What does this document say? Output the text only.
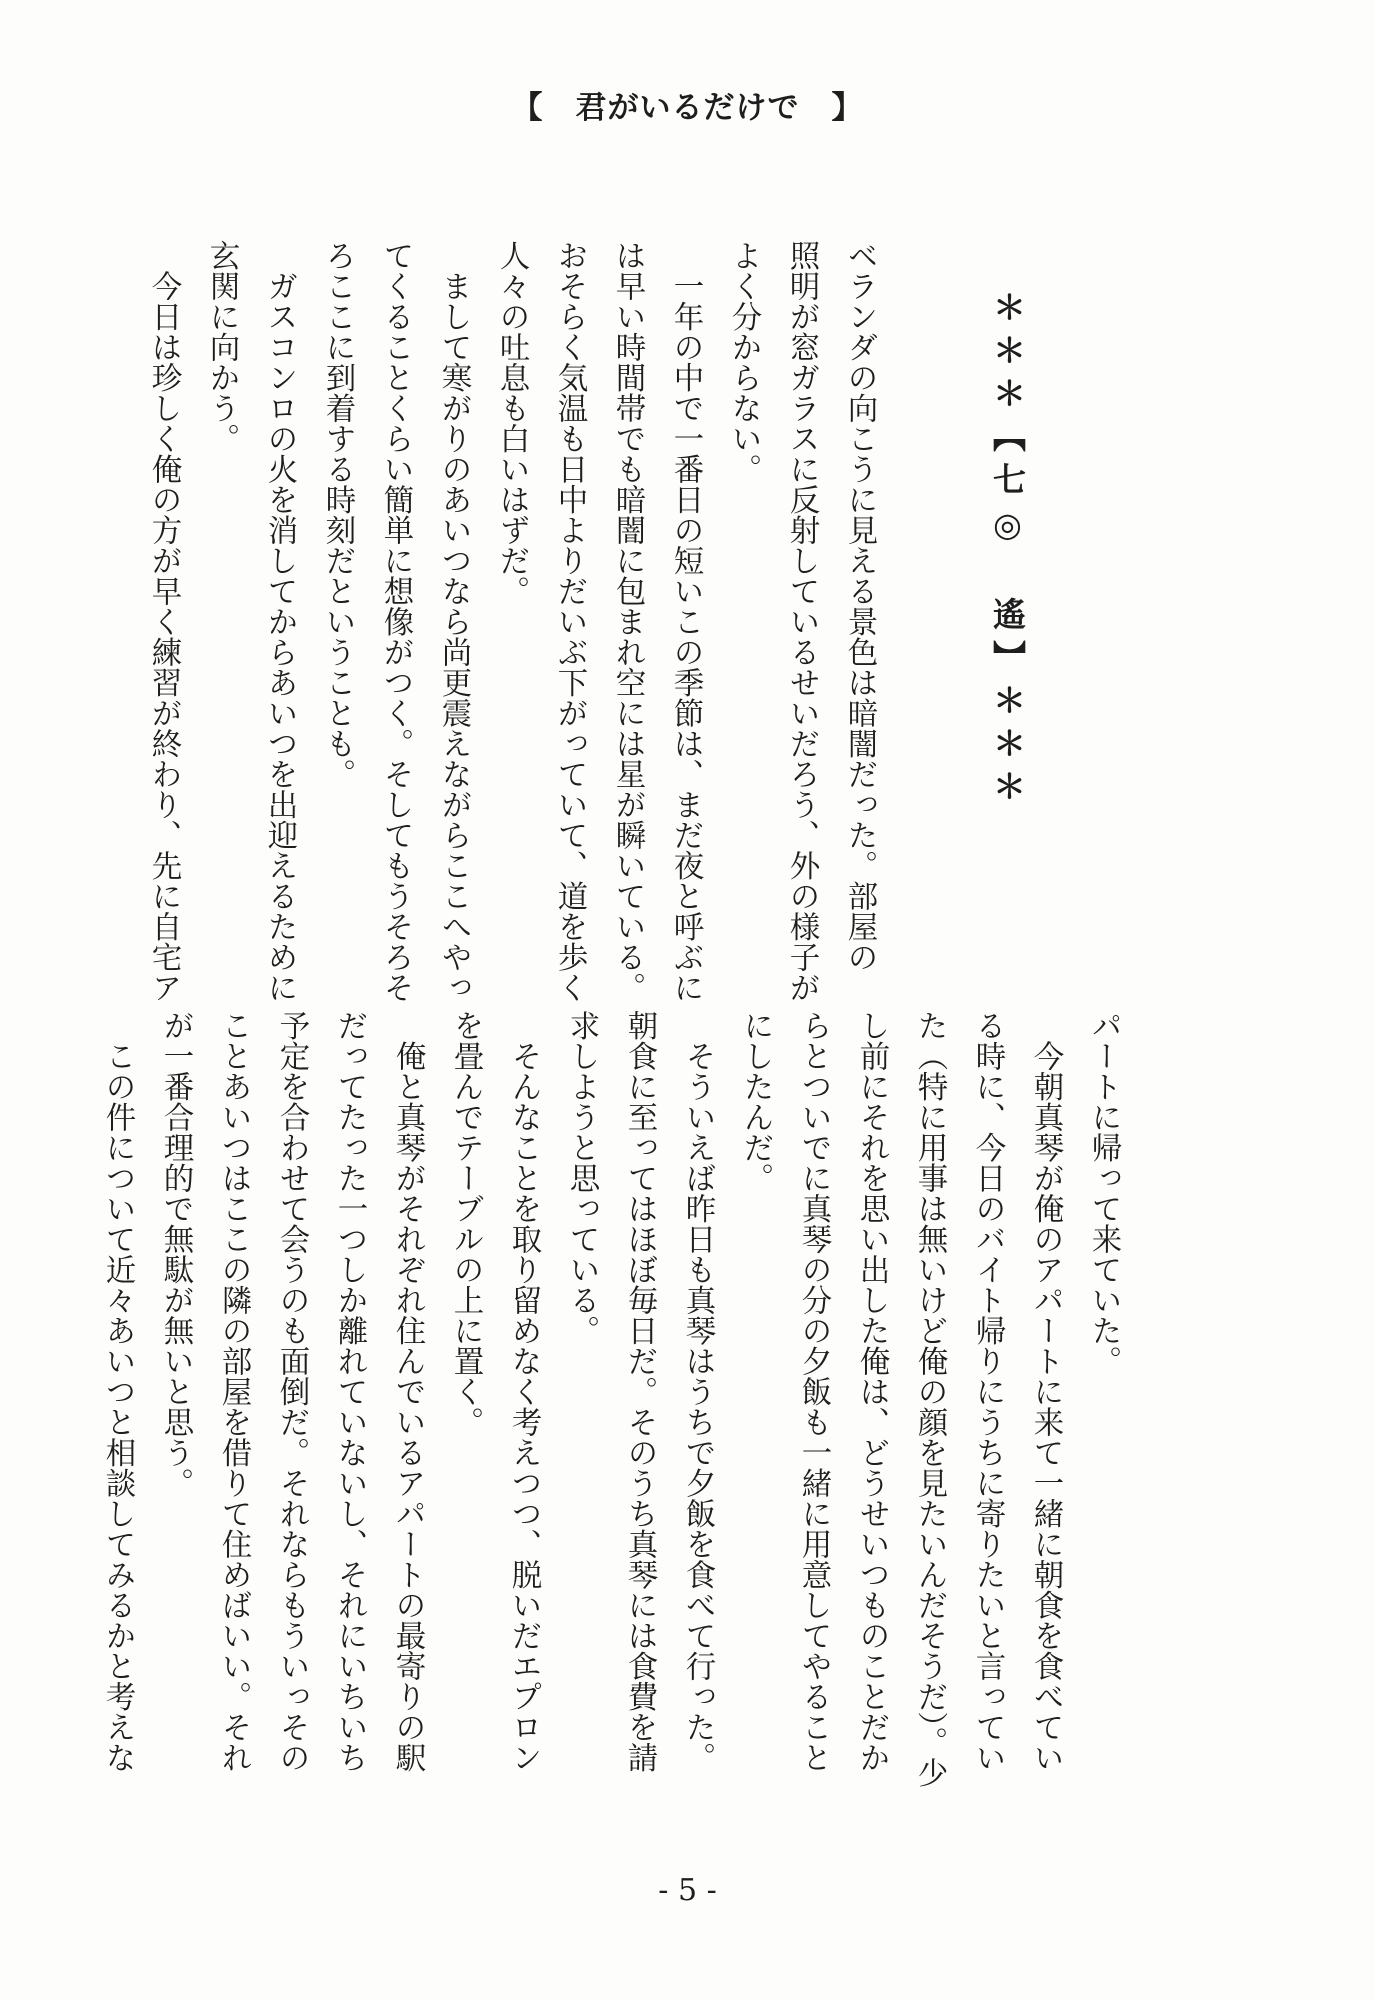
【　君がいるだけで　】
＊＊＊【七◎　遙】＊＊＊
ベランダの向こうに見える景色は暗闇だった。部屋の
照明が窓ガラスに反射しているせいだろう、外の様子が
よく分からない。
　一年の中で一番日の短いこの季節は、まだ夜と呼ぶに
は早い時間帯でも暗闇に包まれ空には星が瞬いている。
おそらく気温も日中よりだいぶ下がっていて、道を歩く
人々の吐息も白いはずだ。
　まして寒がりのあいつなら尚更震えながらここへやっ
てくることくらい簡単に想像がつく。そしてもうそろそ
ろここに到着する時刻だということも。
　ガスコンロの火を消してからあいつを出迎えるために
玄関に向かう。
　今日は珍しく俺の方が早く練習が終わり、先に自宅ア
パートに帰って来ていた。
　今朝真琴が俺のアパートに来て一緒に朝食を食べてい
る時に、今日のバイト帰りにうちに寄りたいと言ってい
た（特に用事は無いけど俺の顔を見たいんだそうだ）。少
し前にそれを思い出した俺は、どうせいつものことだか
らとついでに真琴の分の夕飯も一緒に用意してやること
にしたんだ。
　そういえば昨日も真琴はうちで夕飯を食べて行った。
朝食に至ってはほぼ毎日だ。そのうち真琴には食費を請
求しようと思っている。
　そんなことを取り留めなく考えつつ、脱いだエプロン
を畳んでテーブルの上に置く。
　俺と真琴がそれぞれ住んでいるアパートの最寄りの駅
だってたった一つしか離れていないし、それにいちいち
予定を合わせて会うのも面倒だ。それならもういっその
ことあいつはここの隣の部屋を借りて住めばいい。それ
が一番合理的で無駄が無いと思う。
　この件について近々あいつと相談してみるかと考えな
- 5 -
